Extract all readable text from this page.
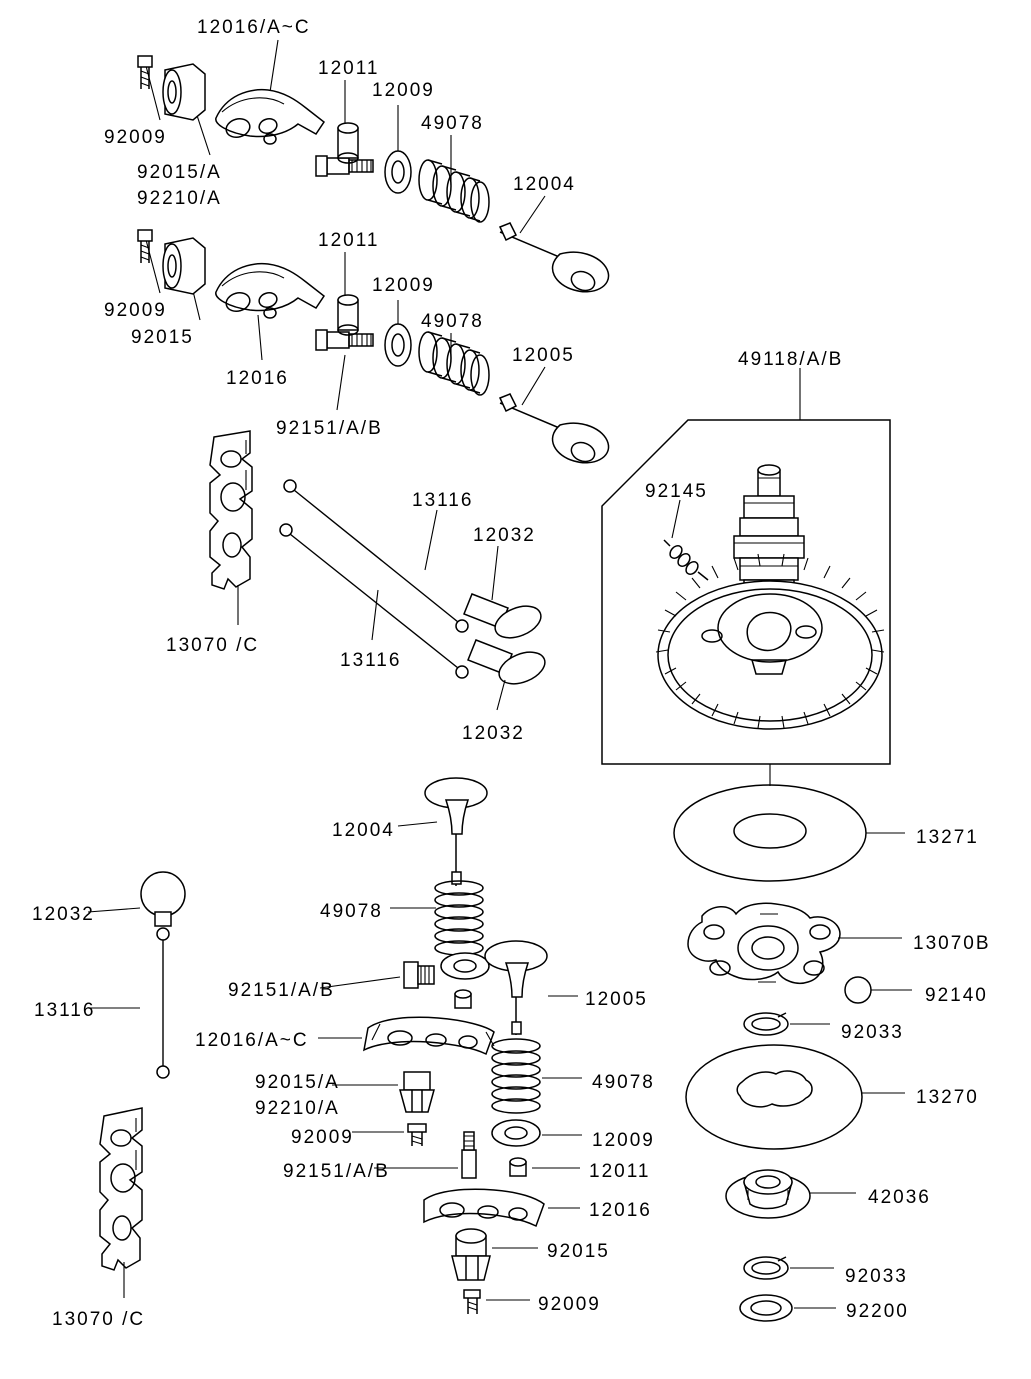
12016/A~C
12011
12009
49078
92009
12004
92015/A
92210/A
12011
12009
49078
92009
92015
12016
12005	49118/A/B
92151/A/B
92145
13116
12032
13070 /C
13116
12032
13271
12004
49078
13070B
12032
92140
92151/A/B
92033
13116
12005
12016/A~C
92015/A
92210/A
49078
13270
92009	12009
92151/A/B	12011
42036
12016
92015
92033
92200
92009
13070 /C
